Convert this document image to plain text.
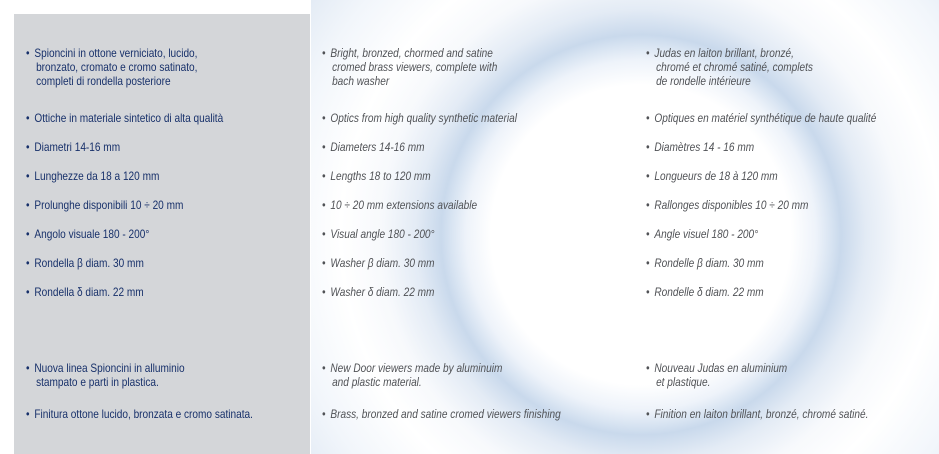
• Spioncini in ottone verniciato, lucido,
bronzato, cromato e cromo satinato,
completi di rondella posteriore
• Ottiche in materiale sintetico di alta qualità
• Diametri 14-16 mm
• Lunghezze da 18 a 120 mm
• Prolunghe disponibili 10 ÷ 20 mm
• Angolo visuale 180 - 200°
• Rondella β diam. 30 mm
• Rondella δ diam. 22 mm
• Nuova linea Spioncini in alluminio
stampato e parti in plastica.
• Finitura ottone lucido, bronzata e cromo satinata.
• Bright, bronzed, chormed and satine
cromed brass viewers, complete with
bach washer
• Optics from high quality synthetic material
• Diameters 14-16 mm
• Lengths 18 to 120 mm
• 10 ÷ 20 mm extensions available
• Visual angle 180 - 200°
• Washer β diam. 30 mm
• Washer δ diam. 22 mm
• New Door viewers made by aluminuim
and plastic material.
• Brass, bronzed and satine cromed viewers finishing
• Judas en laiton brillant, bronzé,
chromé et chromé satiné, complets
de rondelle intérieure
• Optiques en matériel synthétique de haute qualité
• Diamètres 14 - 16 mm
• Longueurs de 18 à 120 mm
• Rallonges disponibles 10 ÷ 20 mm
• Angle visuel 180 - 200°
• Rondelle β diam. 30 mm
• Rondelle δ diam. 22 mm
• Nouveau Judas en aluminium
et plastique.
• Finition en laiton brillant, bronzé, chromé satiné.
